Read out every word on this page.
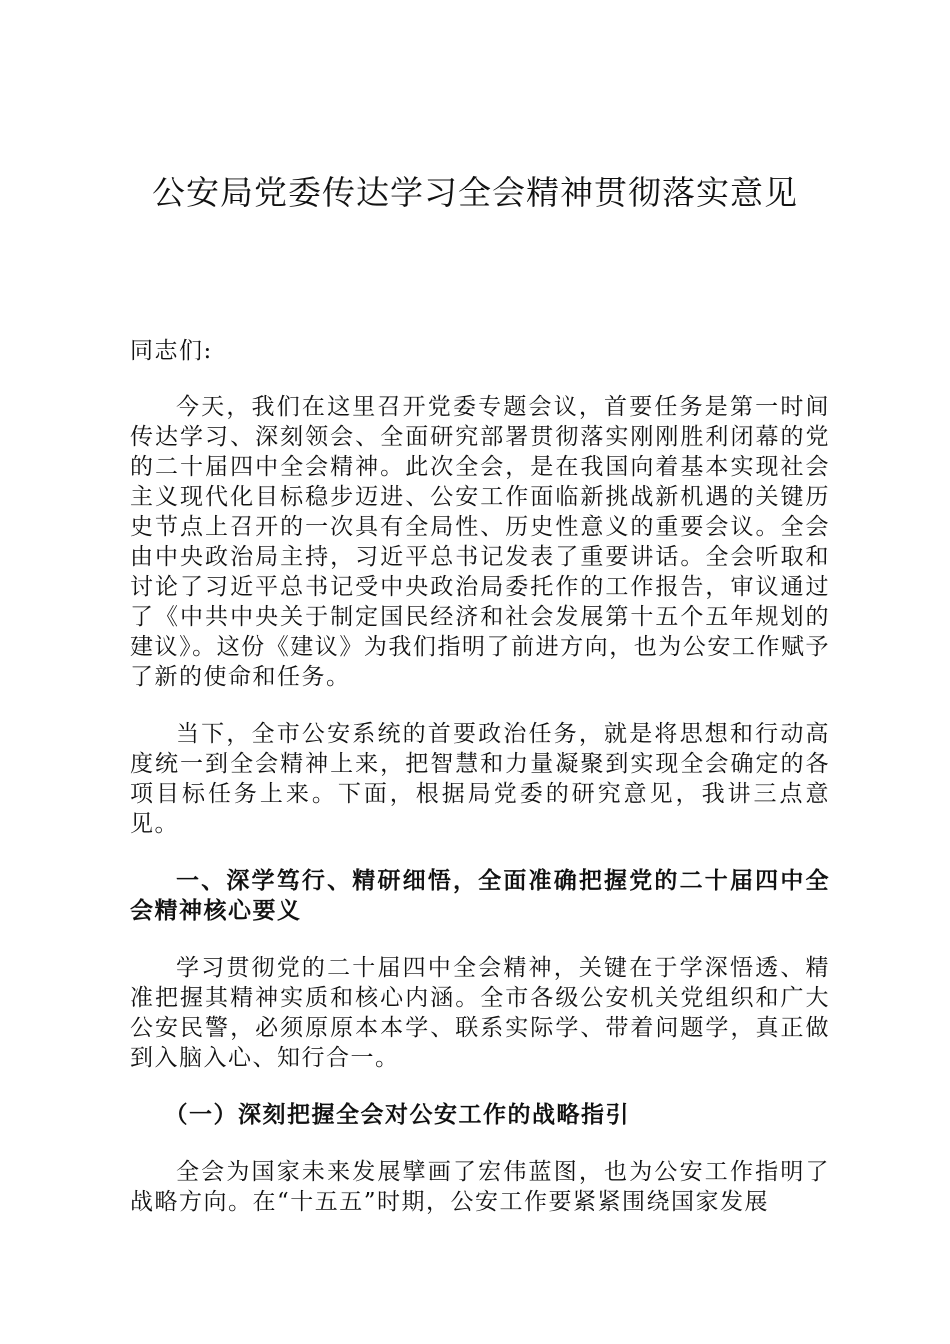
公安局党委传达学习全会精神贯彻落实意见

同志们:

今天，我们在这里召开党委专题会议，首要任务是第一时间传达学习、深刻领会、全面研究部署贯彻落实刚刚胜利闭幕的党的二十届四中全会精神。此次全会，是在我国向着基本实现社会主义现代化目标稳步迈进、公安工作面临新挑战新机遇的关键历史节点上召开的一次具有全局性、历史性意义的重要会议。全会由中央政治局主持，习近平总书记发表了重要讲话。全会听取和讨论了习近平总书记受中央政治局委托作的工作报告，审议通过了《中共中央关于制定国民经济和社会发展第十五个五年规划的建议》。这份《建议》为我们指明了前进方向，也为公安工作赋予了新的使命和任务。

当下，全市公安系统的首要政治任务，就是将思想和行动高度统一到全会精神上来，把智慧和力量凝聚到实现全会确定的各项目标任务上来。下面，根据局党委的研究意见，我讲三点意见。

一、深学笃行、精研细悟，全面准确把握党的二十届四中全会精神核心要义

学习贯彻党的二十届四中全会精神，关键在于学深悟透、精准把握其精神实质和核心内涵。全市各级公安机关党组织和广大公安民警，必须原原本本学、联系实际学、带着问题学，真正做到入脑入心、知行合一。

（一）深刻把握全会对公安工作的战略指引

全会为国家未来发展擘画了宏伟蓝图，也为公安工作指明了战略方向。在“十五五”时期，公安工作要紧紧围绕国家发展
